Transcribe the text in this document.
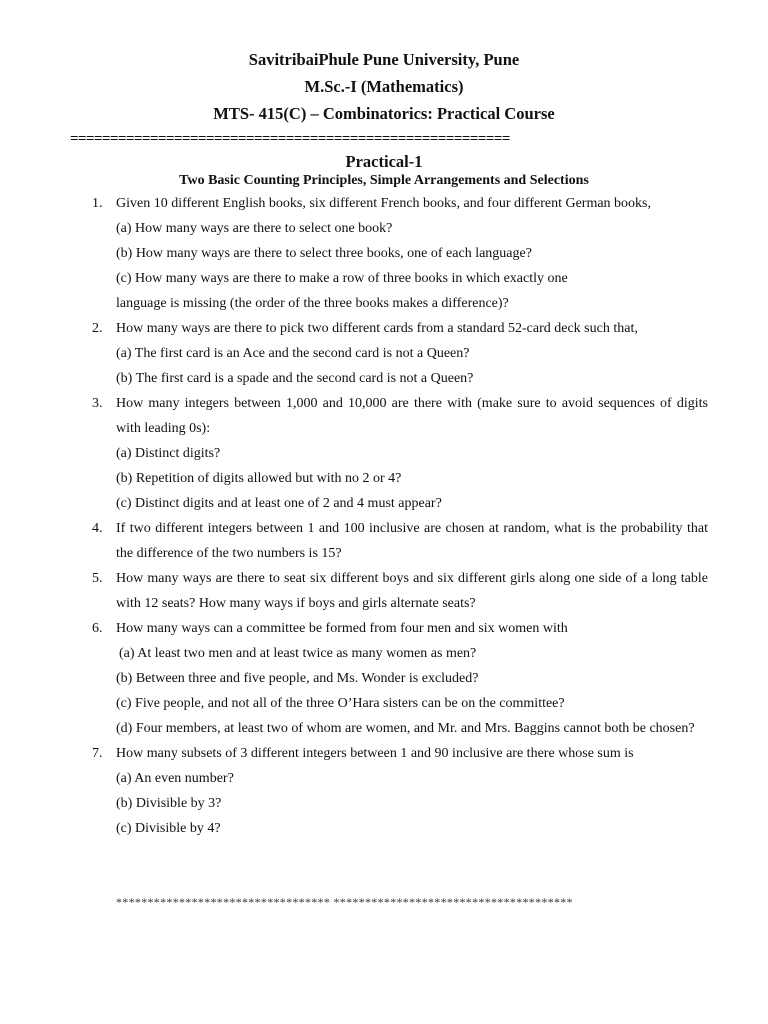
SavitribaiPhule Pune University, Pune
M.Sc.-I (Mathematics)
MTS- 415(C) – Combinatorics: Practical Course
=======================================================
Practical-1
Two Basic Counting Principles, Simple Arrangements and Selections
1. Given 10 different English books, six different French books, and four different German books,
(a) How many ways are there to select one book?
(b) How many ways are there to select three books, one of each language?
(c) How many ways are there to make a row of three books in which exactly one
language is missing (the order of the three books makes a difference)?
2. How many ways are there to pick two different cards from a standard 52-card deck such that,
(a) The first card is an Ace and the second card is not a Queen?
(b) The first card is a spade and the second card is not a Queen?
3. How many integers between 1,000 and 10,000 are there with (make sure to avoid sequences of digits with leading 0s):
(a) Distinct digits?
(b) Repetition of digits allowed but with no 2 or 4?
(c) Distinct digits and at least one of 2 and 4 must appear?
4. If two different integers between 1 and 100 inclusive are chosen at random, what is the probability that the difference of the two numbers is 15?
5. How many ways are there to seat six different boys and six different girls along one side of a long table with 12 seats? How many ways if boys and girls alternate seats?
6. How many ways can a committee be formed from four men and six women with
(a) At least two men and at least twice as many women as men?
(b) Between three and five people, and Ms. Wonder is excluded?
(c) Five people, and not all of the three O’Hara sisters can be on the committee?
(d) Four members, at least two of whom are women, and Mr. and Mrs. Baggins cannot both be chosen?
7. How many subsets of 3 different integers between 1 and 90 inclusive are there whose sum is
(a) An even number?
(b) Divisible by 3?
(c) Divisible by 4?
********************************** **************************************
